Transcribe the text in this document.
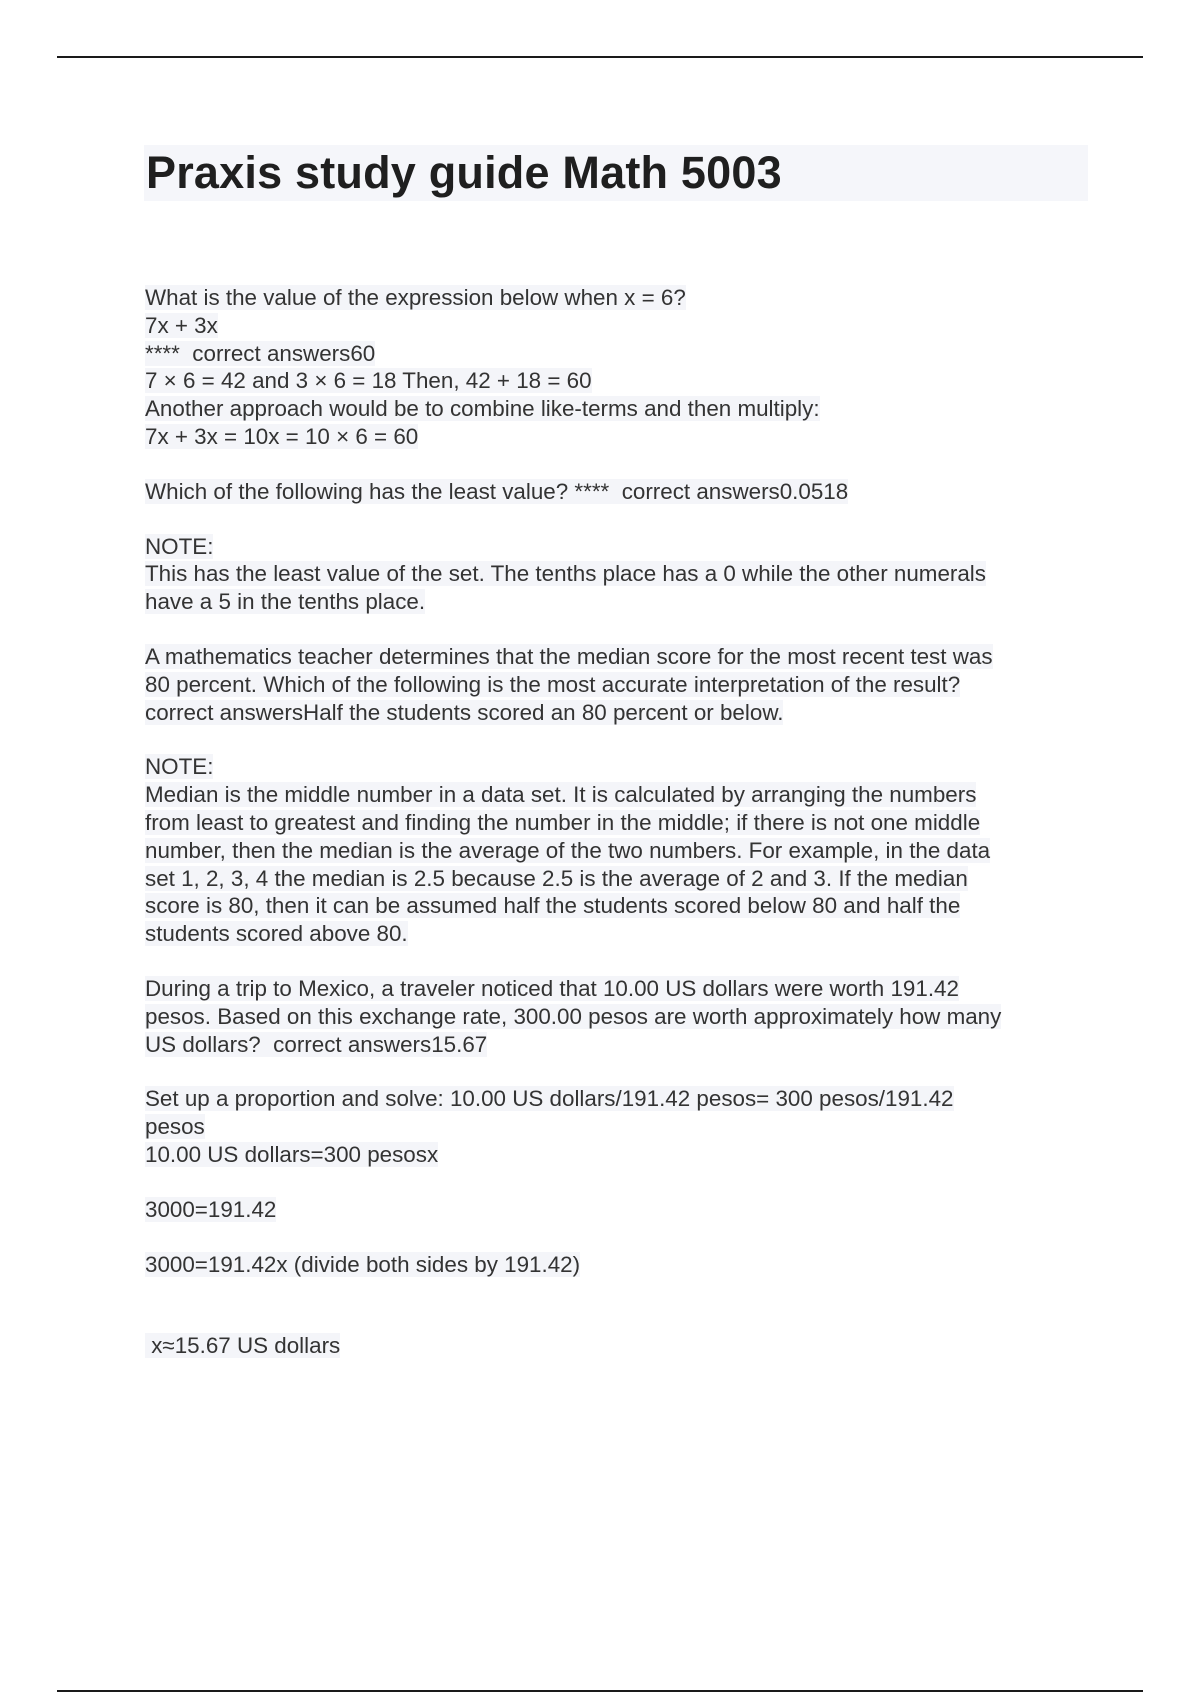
Praxis study guide Math 5003
What is the value of the expression below when x = 6?
7x + 3x
****  correct answers60
7 × 6 = 42 and 3 × 6 = 18 Then, 42 + 18 = 60
Another approach would be to combine like-terms and then multiply:
7x + 3x = 10x = 10 × 6 = 60
Which of the following has the least value? ****  correct answers0.0518
NOTE:
This has the least value of the set. The tenths place has a 0 while the other numerals
have a 5 in the tenths place.
A mathematics teacher determines that the median score for the most recent test was
80 percent. Which of the following is the most accurate interpretation of the result?
correct answersHalf the students scored an 80 percent or below.
NOTE:
Median is the middle number in a data set. It is calculated by arranging the numbers
from least to greatest and finding the number in the middle; if there is not one middle
number, then the median is the average of the two numbers. For example, in the data
set 1, 2, 3, 4 the median is 2.5 because 2.5 is the average of 2 and 3. If the median
score is 80, then it can be assumed half the students scored below 80 and half the
students scored above 80.
During a trip to Mexico, a traveler noticed that 10.00 US dollars were worth 191.42
pesos. Based on this exchange rate, 300.00 pesos are worth approximately how many
US dollars?  correct answers15.67
Set up a proportion and solve: 10.00 US dollars/191.42 pesos= 300 pesos/191.42
pesos
10.00 US dollars=300 pesosx
3000=191.42
3000=191.42x (divide both sides by 191.42)
x≈15.67 US dollars
